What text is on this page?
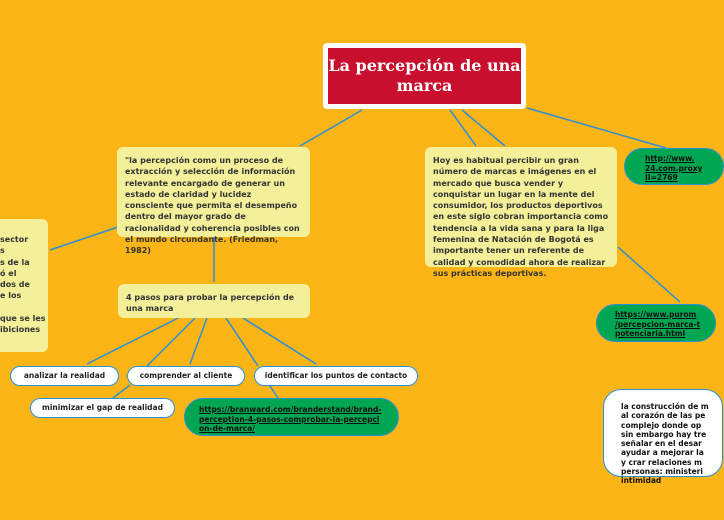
La percepción de una marca
"la percepción como un proceso de extracción y selección de información relevante encargado de generar un estado de claridad y lucidez consciente que permita el desempeño dentro del mayor grado de racionalidad y coherencia posibles con el mundo circundante. (Friedman, 1982)
Hoy es habitual percibir un gran número de marcas e imágenes en el mercado que busca vender y conquistar un lugar en la mente del consumidor, los productos deportivos en este siglo cobran importancia como tendencia a la vida sana y para la liga femenina de Natación de Bogotá es importante tener un referente de calidad y comodidad ahora de realizar sus prácticas deportivas.
sector
s
s de la
ó el
dos de
e los

que se les
ibiciones
4 pasos para probar la percepción de una marca
analizar la realidad	comprender al cliente	identificar los puntos de contacto
minimizar el gap de realidad	https://branward.com/branderstand/brand-perception-4-pasos-comprobar-la-percepcion-de-marca/
http://www.
24.com.proxy
II=2769
https://www.purom
/percepcion-marca-t
potenciaria.html
la construcción de m
al corazón de las pe
complejo donde op
sin embargo hay tre
señalar en el desar
ayudar a mejorar la
y crar relaciones m
personas: ministeri
intimidad
